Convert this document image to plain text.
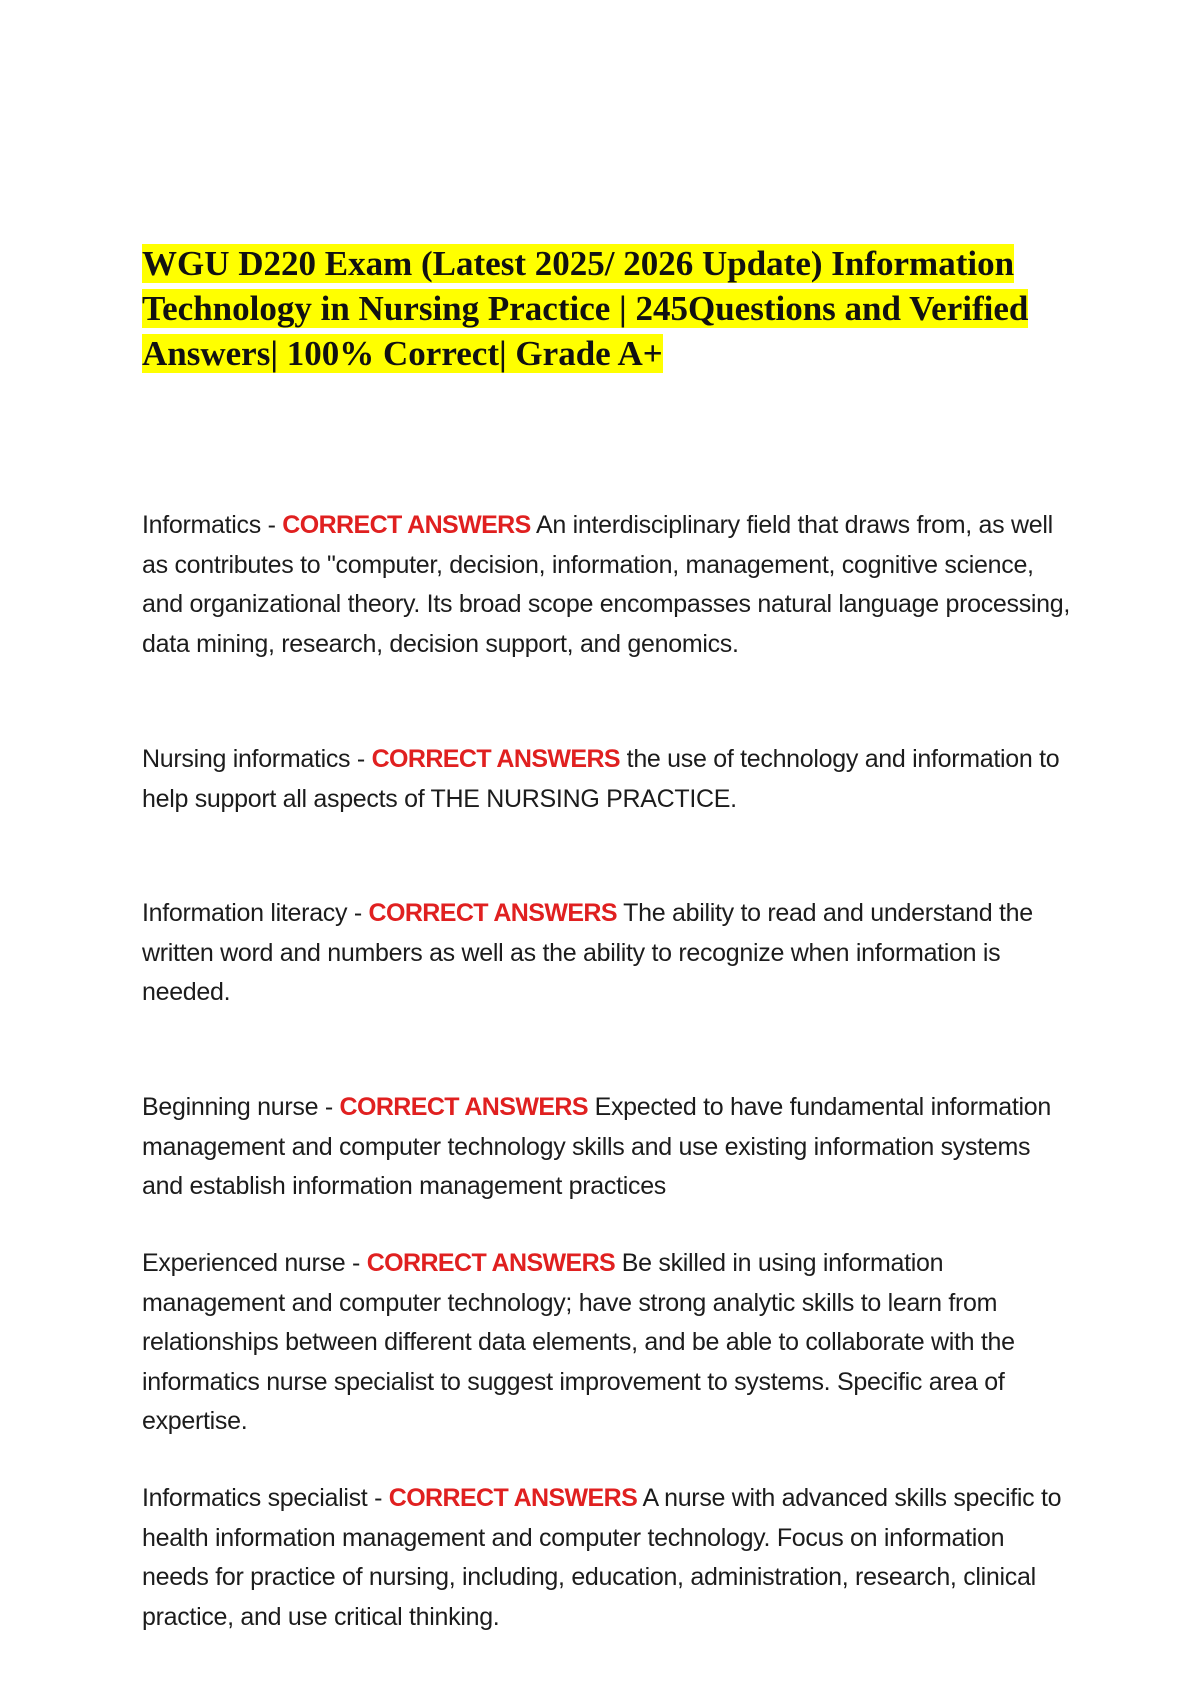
WGU D220 Exam (Latest 2025/ 2026 Update) Information Technology in Nursing Practice | 245Questions and Verified Answers| 100% Correct| Grade A+

Informatics - CORRECT ANSWERS An interdisciplinary field that draws from, as well as contributes to "computer, decision, information, management, cognitive science, and organizational theory. Its broad scope encompasses natural language processing, data mining, research, decision support, and genomics.

Nursing informatics - CORRECT ANSWERS the use of technology and information to help support all aspects of THE NURSING PRACTICE.

Information literacy - CORRECT ANSWERS The ability to read and understand the written word and numbers as well as the ability to recognize when information is needed.

Beginning nurse - CORRECT ANSWERS Expected to have fundamental information management and computer technology skills and use existing information systems and establish information management practices

Experienced nurse - CORRECT ANSWERS Be skilled in using information management and computer technology; have strong analytic skills to learn from relationships between different data elements, and be able to collaborate with the informatics nurse specialist to suggest improvement to systems. Specific area of expertise.

Informatics specialist - CORRECT ANSWERS A nurse with advanced skills specific to health information management and computer technology. Focus on information needs for practice of nursing, including, education, administration, research, clinical practice, and use critical thinking.
